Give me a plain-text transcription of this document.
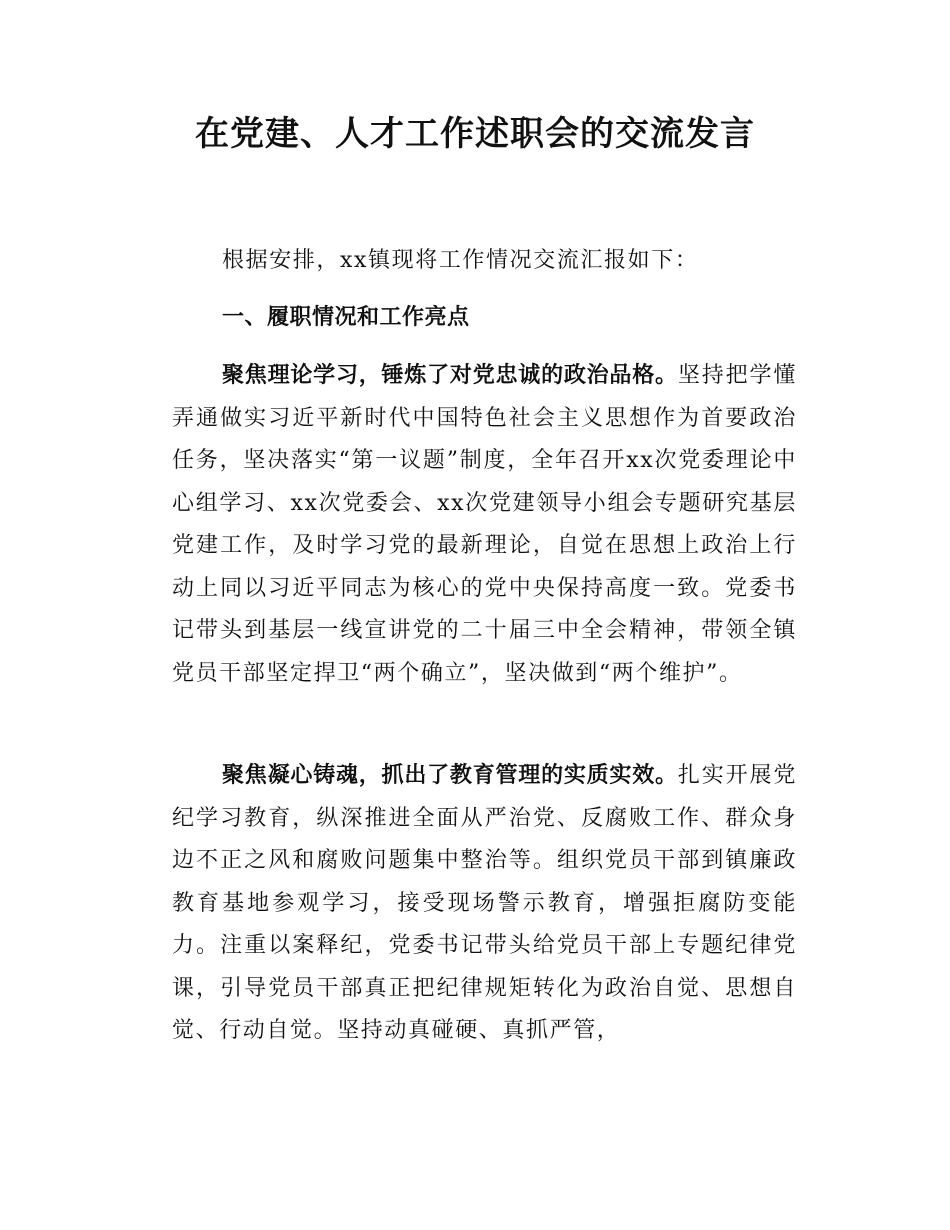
在党建、人才工作述职会的交流发言

根据安排，xx镇现将工作情况交流汇报如下：

一、履职情况和工作亮点

聚焦理论学习，锤炼了对党忠诚的政治品格。坚持把学懂弄通做实习近平新时代中国特色社会主义思想作为首要政治任务，坚决落实“第一议题”制度，全年召开xx次党委理论中心组学习、xx次党委会、xx次党建领导小组会专题研究基层党建工作，及时学习党的最新理论，自觉在思想上政治上行动上同以习近平同志为核心的党中央保持高度一致。党委书记带头到基层一线宣讲党的二十届三中全会精神，带领全镇党员干部坚定捍卫“两个确立”，坚决做到“两个维护”。

聚焦凝心铸魂，抓出了教育管理的实质实效。扎实开展党纪学习教育，纵深推进全面从严治党、反腐败工作、群众身边不正之风和腐败问题集中整治等。组织党员干部到镇廉政教育基地参观学习，接受现场警示教育，增强拒腐防变能力。注重以案释纪，党委书记带头给党员干部上专题纪律党课，引导党员干部真正把纪律规矩转化为政治自觉、思想自觉、行动自觉。坚持动真碰硬、真抓严管，
